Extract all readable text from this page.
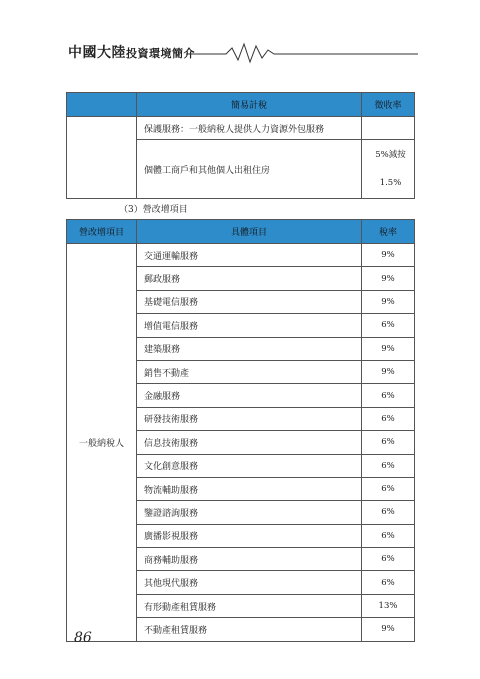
中國大陸投資環境簡介
	簡易計稅	徵收率
	保護服務：一般納稅人提供人力資源外包服務	
	個體工商戶和其他個人出租住房	5%減按
1.5%
（3）營改增項目
營改增項目	具體項目	稅率
一般納稅人	交通運輸服務	9%
	郵政服務	9%
	基礎電信服務	9%
	增值電信服務	6%
	建築服務	9%
	銷售不動產	9%
	金融服務	6%
	研發技術服務	6%
	信息技術服務	6%
	文化創意服務	6%
	物流輔助服務	6%
	鑒證諮詢服務	6%
	廣播影視服務	6%
	商務輔助服務	6%
	其他現代服務	6%
	有形動產租賃服務	13%
	不動產租賃服務	9%
86
